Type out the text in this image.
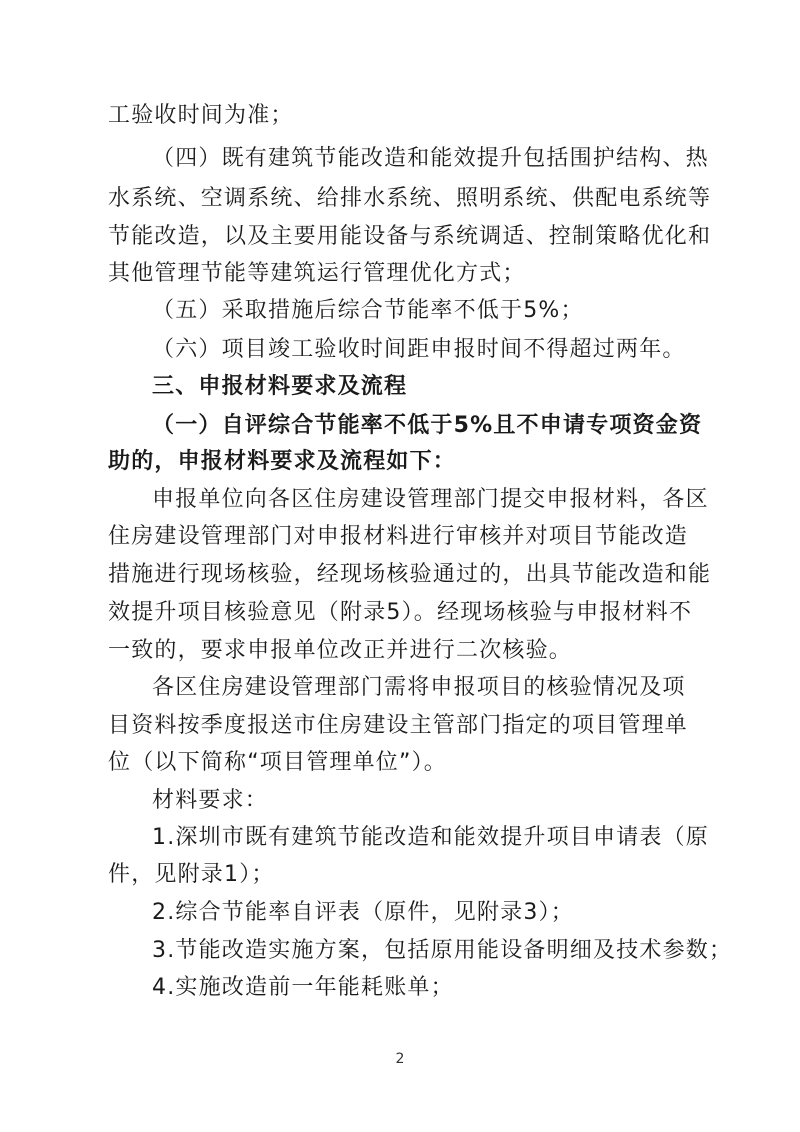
工验收时间为准；
（四）既有建筑节能改造和能效提升包括围护结构、热
水系统、空调系统、给排水系统、照明系统、供配电系统等
节能改造，以及主要用能设备与系统调适、控制策略优化和
其他管理节能等建筑运行管理优化方式；
（五）采取措施后综合节能率不低于5%；
（六）项目竣工验收时间距申报时间不得超过两年。
三、申报材料要求及流程
（一）自评综合节能率不低于5%且不申请专项资金资
助的，申报材料要求及流程如下：
申报单位向各区住房建设管理部门提交申报材料，各区
住房建设管理部门对申报材料进行审核并对项目节能改造
措施进行现场核验，经现场核验通过的，出具节能改造和能
效提升项目核验意见（附录5）。经现场核验与申报材料不
一致的，要求申报单位改正并进行二次核验。
各区住房建设管理部门需将申报项目的核验情况及项
目资料按季度报送市住房建设主管部门指定的项目管理单
位（以下简称“项目管理单位”）。
材料要求：
1.深圳市既有建筑节能改造和能效提升项目申请表（原
件，见附录1）；
2.综合节能率自评表（原件，见附录3）；
3.节能改造实施方案，包括原用能设备明细及技术参数；
4.实施改造前一年能耗账单；
2
